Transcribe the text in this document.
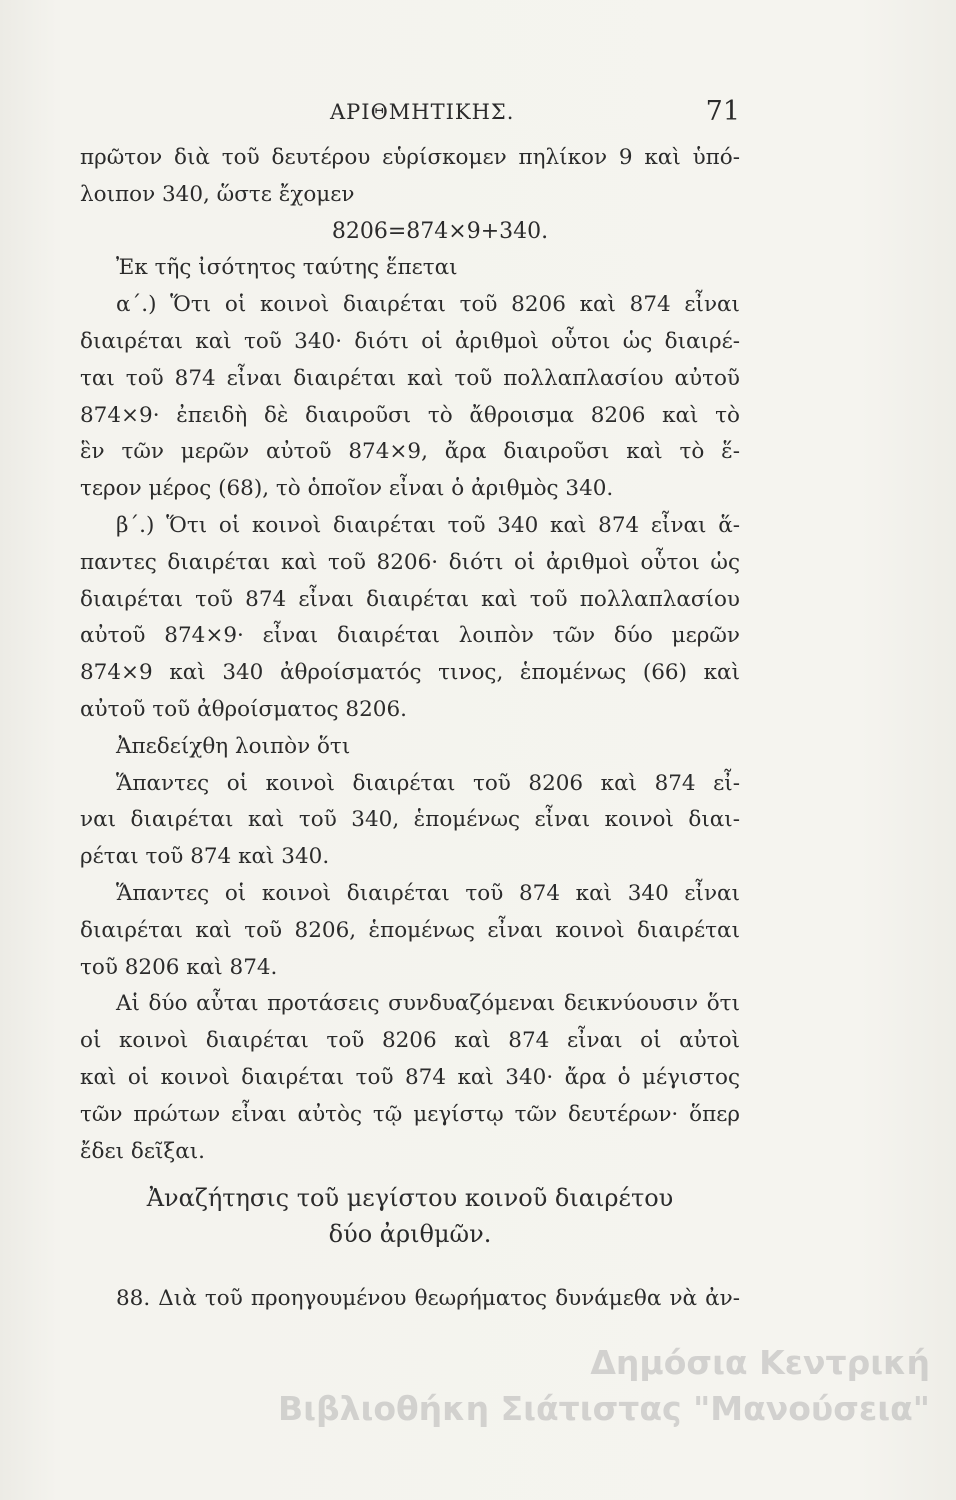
ΑΡΙΘΜΗΤΙΚΗΣ.	71
πρῶτον διὰ τοῦ δευτέρου εὑρίσκομεν πηλίκον 9 καὶ ὑπό-
λοιπον 340, ὥστε ἔχομεν
8206=874×9+340.
Ἐκ τῆς ἰσότητος ταύτης ἕπεται
α΄.) Ὅτι οἱ κοινοὶ διαιρέται τοῦ 8206 καὶ 874 εἶναι
διαιρέται καὶ τοῦ 340· διότι οἱ ἀριθμοὶ οὗτοι ὡς διαιρέ-
ται τοῦ 874 εἶναι διαιρέται καὶ τοῦ πολλαπλασίου αὐτοῦ
874×9· ἐπειδὴ δὲ διαιροῦσι τὸ ἄθροισμα 8206 καὶ τὸ
ἓν τῶν μερῶν αὐτοῦ 874×9, ἄρα διαιροῦσι καὶ τὸ ἕ-
τερον μέρος (68), τὸ ὁποῖον εἶναι ὁ ἀριθμὸς 340.
β΄.) Ὅτι οἱ κοινοὶ διαιρέται τοῦ 340 καὶ 874 εἶναι ἅ-
παντες διαιρέται καὶ τοῦ 8206· διότι οἱ ἀριθμοὶ οὗτοι ὡς
διαιρέται τοῦ 874 εἶναι διαιρέται καὶ τοῦ πολλαπλασίου
αὐτοῦ 874×9· εἶναι διαιρέται λοιπὸν τῶν δύο μερῶν
874×9 καὶ 340 ἀθροίσματός τινος, ἑπομένως (66) καὶ
αὐτοῦ τοῦ ἀθροίσματος 8206.
Ἀπεδείχθη λοιπὸν ὅτι
Ἅπαντες οἱ κοινοὶ διαιρέται τοῦ 8206 καὶ 874 εἶ-
ναι διαιρέται καὶ τοῦ 340, ἑπομένως εἶναι κοινοὶ διαι-
ρέται τοῦ 874 καὶ 340.
Ἅπαντες οἱ κοινοὶ διαιρέται τοῦ 874 καὶ 340 εἶναι
διαιρέται καὶ τοῦ 8206, ἑπομένως εἶναι κοινοὶ διαιρέται
τοῦ 8206 καὶ 874.
Αἱ δύο αὗται προτάσεις συνδυαζόμεναι δεικνύουσιν ὅτι
οἱ κοινοὶ διαιρέται τοῦ 8206 καὶ 874 εἶναι οἱ αὐτοὶ
καὶ οἱ κοινοὶ διαιρέται τοῦ 874 καὶ 340· ἄρα ὁ μέγιστος
τῶν πρώτων εἶναι αὐτὸς τῷ μεγίστῳ τῶν δευτέρων· ὅπερ
ἔδει δεῖξαι.
Ἀναζήτησις τοῦ μεγίστου κοινοῦ διαιρέτου
δύο ἀριθμῶν.
88. Διὰ τοῦ προηγουμένου θεωρήματος δυνάμεθα νὰ ἀν-
Δημόσια Κεντρική
Βιβλιοθήκη Σιάτιστας "Μανούσεια"
